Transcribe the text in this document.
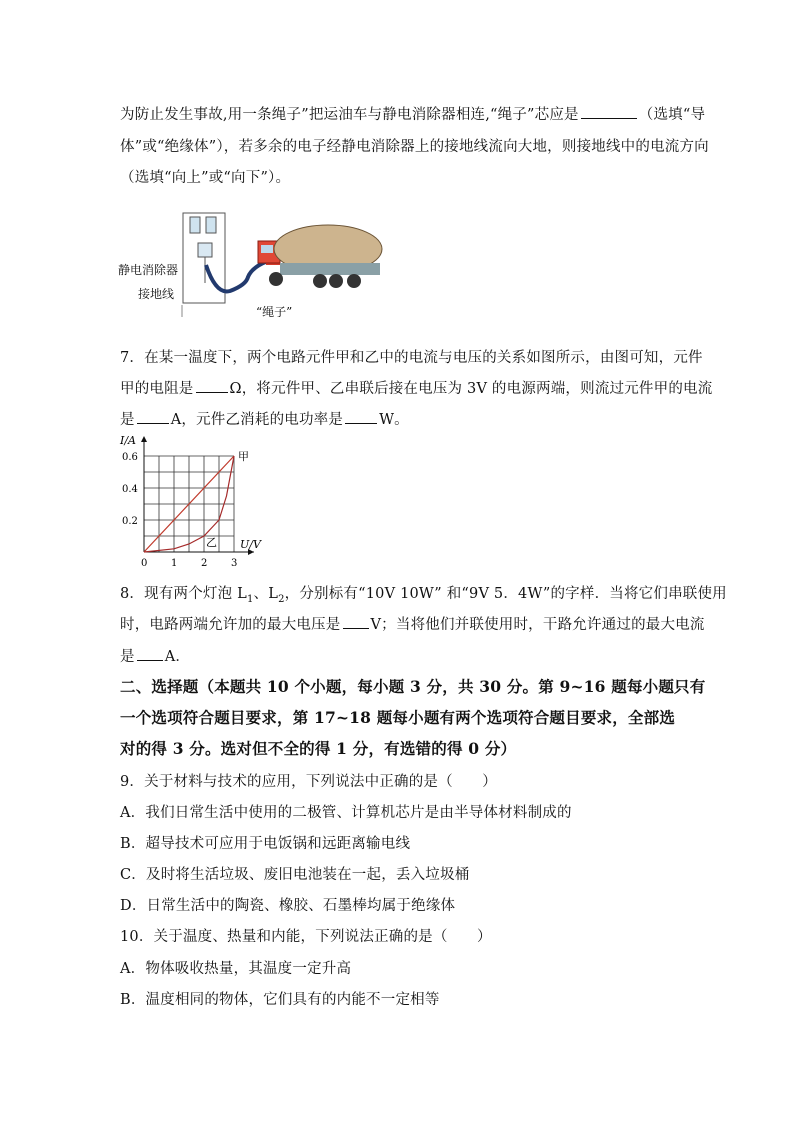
为防止发生事故,用一条绳子”把运油车与静电消除器相连,“绳子”芯应是	（选填“导
体”或“绝缘体”），若多余的电子经静电消除器上的接地线流向大地，则接地线中的电流方向
（选填“向上”或“向下”）。
静电消除器
接地线
“绳子”
7．在某一温度下，两个电路元件甲和乙中的电流与电压的关系如图所示，由图可知，元件
甲的电阻是 Ω，将元件甲、乙串联后接在电压为 3V 的电源两端，则流过元件甲的电流
是 A，元件乙消耗的电功率是 W。
I/A
U/V
0 1 2 3
0.2
0.4
0.6	甲
乙
8．现有两个灯泡 $L_1$、$L_2$，分别标有“10V 10W” 和“9V 5．4W”的字样．当将它们串联使用
时，电路两端允许加的最大电压是 V；当将他们并联使用时，干路允许通过的最大电流
是 A．
二、选择题（本题共 10 个小题，每小题 3 分，共 30 分。第 9~16 题每小题只有
一个选项符合题目要求，第 17~18 题每小题有两个选项符合题目要求，全部选
对的得 3 分。选对但不全的得 1 分，有选错的得 0 分）
9．关于材料与技术的应用，下列说法中正确的是（　　）
A．我们日常生活中使用的二极管、计算机芯片是由半导体材料制成的
B．超导技术可应用于电饭锅和远距离输电线
C．及时将生活垃圾、废旧电池装在一起，丢入垃圾桶
D．日常生活中的陶瓷、橡胶、石墨棒均属于绝缘体
10．关于温度、热量和内能，下列说法正确的是（　　）
A．物体吸收热量，其温度一定升高
B．温度相同的物体，它们具有的内能不一定相等
